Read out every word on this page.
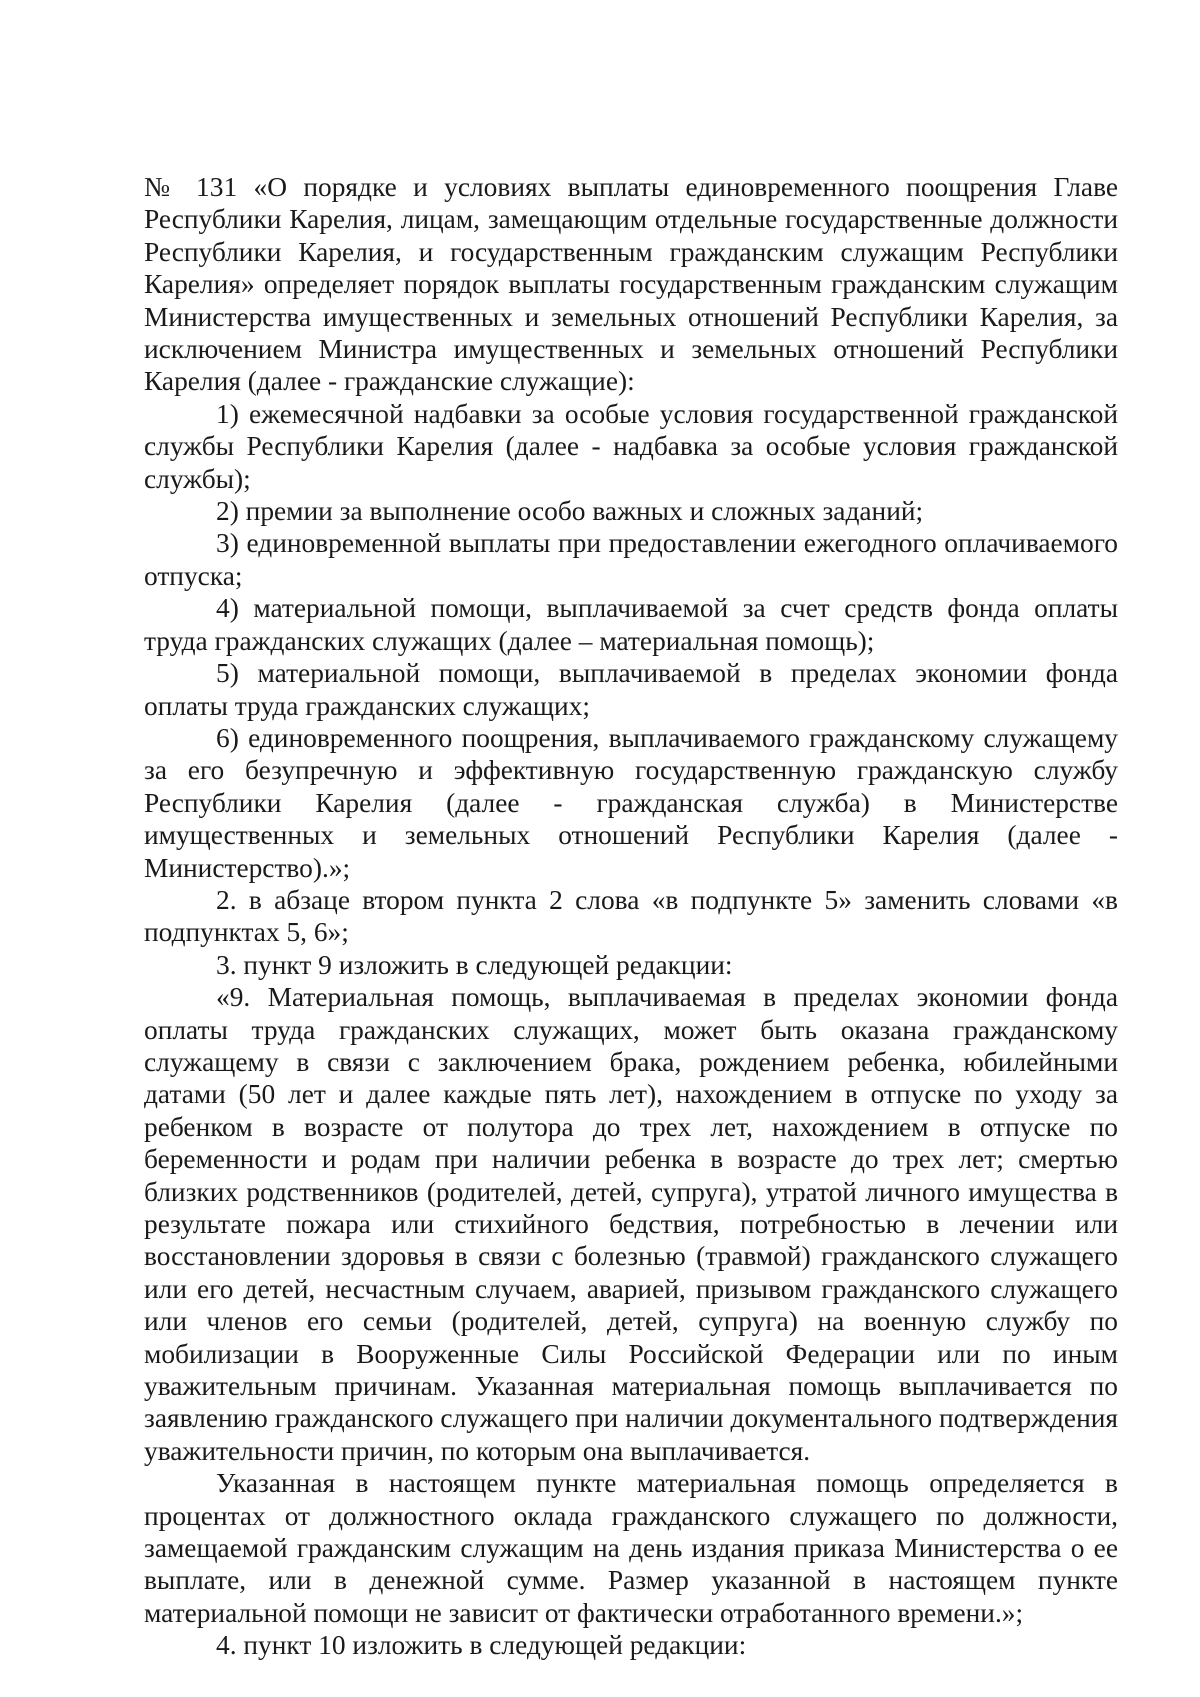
№ 131 «О порядке и условиях выплаты единовременного поощрения Главе Республики Карелия, лицам, замещающим отдельные государственные должности Республики Карелия, и государственным гражданским служащим Республики Карелия» определяет порядок выплаты государственным гражданским служащим Министерства имущественных и земельных отношений Республики Карелия, за исключением Министра имущественных и земельных отношений Республики Карелия (далее - гражданские служащие):

1) ежемесячной надбавки за особые условия государственной гражданской службы Республики Карелия (далее - надбавка за особые условия гражданской службы);

2) премии за выполнение особо важных и сложных заданий;

3) единовременной выплаты при предоставлении ежегодного оплачиваемого отпуска;

4) материальной помощи, выплачиваемой за счет средств фонда оплаты труда гражданских служащих (далее – материальная помощь);

5) материальной помощи, выплачиваемой в пределах экономии фонда оплаты труда гражданских служащих;

6) единовременного поощрения, выплачиваемого гражданскому служащему за его безупречную и эффективную государственную гражданскую службу Республики Карелия (далее - гражданская служба) в Министерстве имущественных и земельных отношений Республики Карелия (далее - Министерство).»;

2. в абзаце втором пункта 2 слова «в подпункте 5» заменить словами «в подпунктах 5, 6»;

3. пункт 9 изложить в следующей редакции:

«9. Материальная помощь, выплачиваемая в пределах экономии фонда оплаты труда гражданских служащих, может быть оказана гражданскому служащему в связи с заключением брака, рождением ребенка, юбилейными датами (50 лет и далее каждые пять лет), нахождением в отпуске по уходу за ребенком в возрасте от полутора до трех лет, нахождением в отпуске по беременности и родам при наличии ребенка в возрасте до трех лет; смертью близких родственников (родителей, детей, супруга), утратой личного имущества в результате пожара или стихийного бедствия, потребностью в лечении или восстановлении здоровья в связи с болезнью (травмой) гражданского служащего или его детей, несчастным случаем, аварией, призывом гражданского служащего или членов его семьи (родителей, детей, супруга) на военную службу по мобилизации в Вооруженные Силы Российской Федерации или по иным уважительным причинам. Указанная материальная помощь выплачивается по заявлению гражданского служащего при наличии документального подтверждения уважительности причин, по которым она выплачивается.

Указанная в настоящем пункте материальная помощь определяется в процентах от должностного оклада гражданского служащего по должности, замещаемой гражданским служащим на день издания приказа Министерства о ее выплате, или в денежной сумме. Размер указанной в настоящем пункте материальной помощи не зависит от фактически отработанного времени.»;

4. пункт 10 изложить в следующей редакции:
